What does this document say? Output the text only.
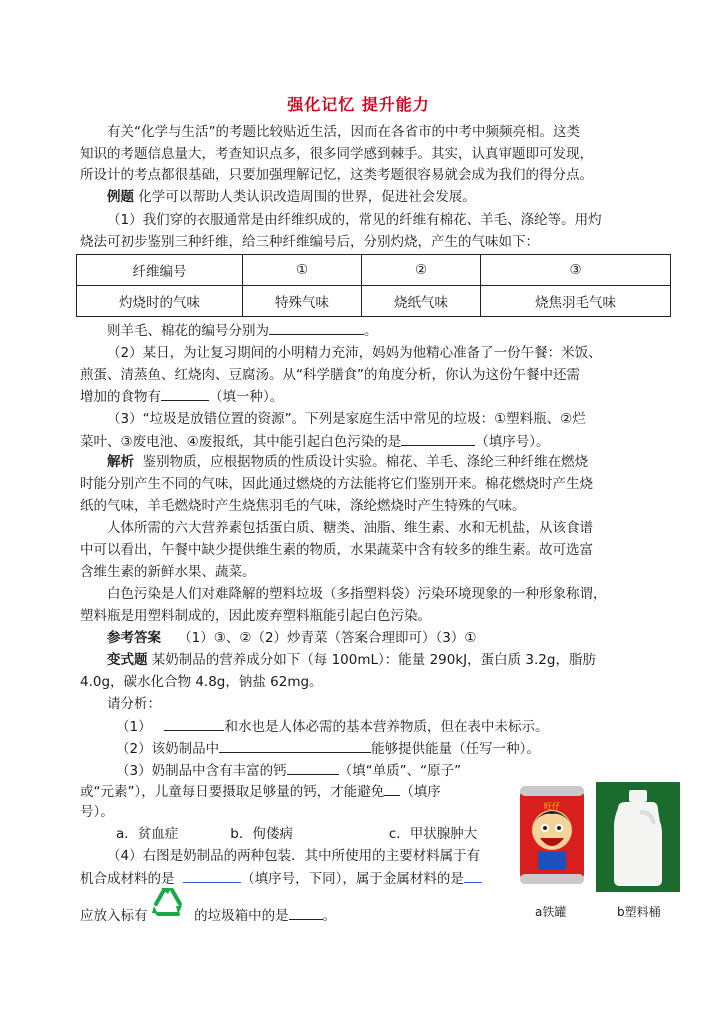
强化记忆 提升能力
有关“化学与生活”的考题比较贴近生活，因而在各省市的中考中频频亮相。这类
知识的考题信息量大，考查知识点多，很多同学感到棘手。其实，认真审题即可发现，
所设计的考点都很基础，只要加强理解记忆，这类考题很容易就会成为我们的得分点。
例题 化学可以帮助人类认识改造周围的世界，促进社会发展。
（1）我们穿的衣服通常是由纤维织成的，常见的纤维有棉花、羊毛、涤纶等。用灼
烧法可初步鉴别三种纤维，给三种纤维编号后，分别灼烧，产生的气味如下：
纤维编号	①	②	③
灼烧时的气味	特殊气味	烧纸气味	烧焦羽毛气味
则羊毛、棉花的编号分别为	。
（2）某日，为让复习期间的小明精力充沛，妈妈为他精心准备了一份午餐：米饭、
煎蛋、清蒸鱼、红烧肉、豆腐汤。从“科学膳食”的角度分析，你认为这份午餐中还需
增加的食物有	（填一种）。
（3）“垃圾是放错位置的资源”。下列是家庭生活中常见的垃圾：①塑料瓶、②烂
菜叶、③废电池、④废报纸，其中能引起白色污染的是	（填序号）。
解析 鉴别物质，应根据物质的性质设计实验。棉花、羊毛、涤纶三种纤维在燃烧
时能分别产生不同的气味，因此通过燃烧的方法能将它们鉴别开来。棉花燃烧时产生烧
纸的气味，羊毛燃烧时产生烧焦羽毛的气味，涤纶燃烧时产生特殊的气味。
人体所需的六大营养素包括蛋白质、糖类、油脂、维生素、水和无机盐，从该食谱
中可以看出，午餐中缺少提供维生素的物质，水果蔬菜中含有较多的维生素。故可选富
含维生素的新鲜水果、蔬菜。
白色污染是人们对难降解的塑料垃圾（多指塑料袋）污染环境现象的一种形象称谓，
塑料瓶是用塑料制成的，因此废弃塑料瓶能引起白色污染。
参考答案 （1）③、②（2）炒青菜（答案合理即可）（3）①
变式题 某奶制品的营养成分如下（每 100mL）：能量 290kJ，蛋白质 3.2g，脂肪
4.0g，碳水化合物 4.8g，钠盐 62mg。
请分析：
（1）	和水也是人体必需的基本营养物质，但在表中未标示。
（2）该奶制品中	能够提供能量（任写一种）。
（3）奶制品中含有丰富的钙	（填“单质”、“原子”
或“元素”），儿童每日要摄取足够量的钙，才能避免 （填序
号）。
a．贫血症	b．佝偻病	c．甲状腺肿大
（4）右图是奶制品的两种包装．其中所使用的主要材料属于有
机合成材料的是	（填序号，下同），属于金属材料的是
应放入标有	的垃圾箱中的是	。
旺仔
a铁罐	b塑料桶
